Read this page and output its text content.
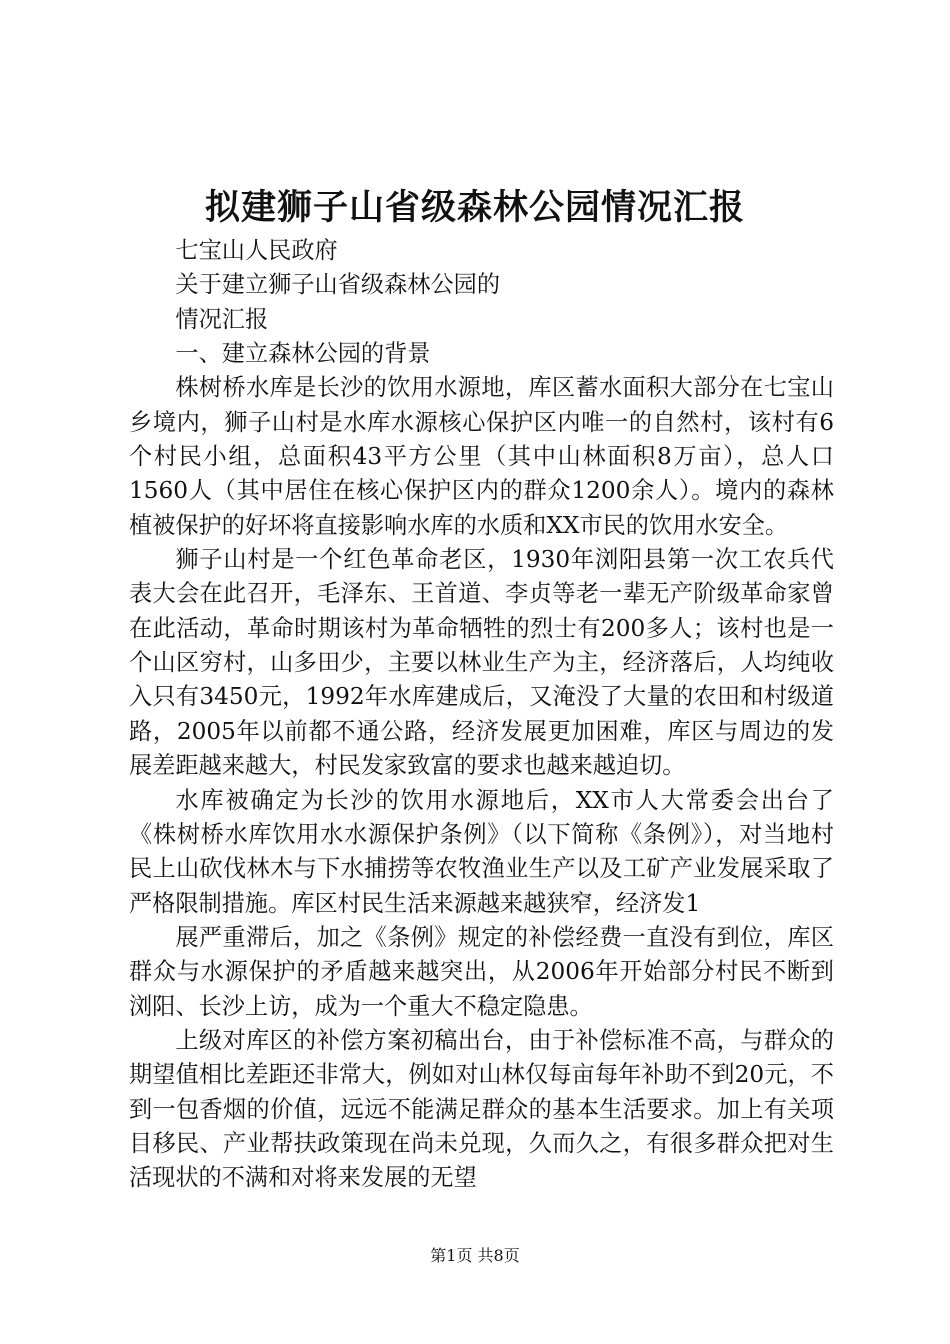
拟建狮子山省级森林公园情况汇报

七宝山人民政府

关于建立狮子山省级森林公园的

情况汇报

一、建立森林公园的背景

株树桥水库是长沙的饮用水源地，库区蓄水面积大部分在七宝山乡境内，狮子山村是水库水源核心保护区内唯一的自然村，该村有6个村民小组，总面积43平方公里（其中山林面积8万亩），总人口1560人（其中居住在核心保护区内的群众1200余人）。境内的森林植被保护的好坏将直接影响水库的水质和XX市民的饮用水安全。

狮子山村是一个红色革命老区，1930年浏阳县第一次工农兵代表大会在此召开，毛泽东、王首道、李贞等老一辈无产阶级革命家曾在此活动，革命时期该村为革命牺牲的烈士有200多人；该村也是一个山区穷村，山多田少，主要以林业生产为主，经济落后，人均纯收入只有3450元，1992年水库建成后，又淹没了大量的农田和村级道路，2005年以前都不通公路，经济发展更加困难，库区与周边的发展差距越来越大，村民发家致富的要求也越来越迫切。

水库被确定为长沙的饮用水源地后，XX市人大常委会出台了《株树桥水库饮用水水源保护条例》（以下简称《条例》），对当地村民上山砍伐林木与下水捕捞等农牧渔业生产以及工矿产业发展采取了严格限制措施。库区村民生活来源越来越狭窄，经济发1

展严重滞后，加之《条例》规定的补偿经费一直没有到位，库区群众与水源保护的矛盾越来越突出，从2006年开始部分村民不断到浏阳、长沙上访，成为一个重大不稳定隐患。

上级对库区的补偿方案初稿出台，由于补偿标准不高，与群众的期望值相比差距还非常大，例如对山林仅每亩每年补助不到20元，不到一包香烟的价值，远远不能满足群众的基本生活要求。加上有关项目移民、产业帮扶政策现在尚未兑现，久而久之，有很多群众把对生活现状的不满和对将来发展的无望

第1页 共8页
